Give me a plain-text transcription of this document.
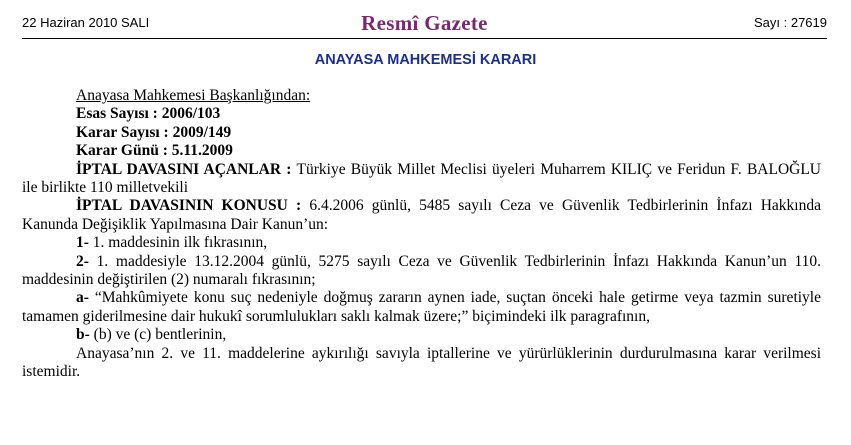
22 Haziran 2010 SALI	Resmî Gazete	Sayı : 27619
ANAYASA MAHKEMESİ KARARI

Anayasa Mahkemesi Başkanlığından:

Esas Sayısı : 2006/103

Karar Sayısı : 2009/149

Karar Günü : 5.11.2009

İPTAL DAVASINI AÇANLAR : Türkiye Büyük Millet Meclisi üyeleri Muharrem KILIÇ ve Feridun F. BALOĞLU ile birlikte 110 milletvekili

İPTAL DAVASININ KONUSU : 6.4.2006 günlü, 5485 sayılı Ceza ve Güvenlik Tedbirlerinin İnfazı Hakkında Kanunda Değişiklik Yapılmasına Dair Kanun’un:

1- 1. maddesinin ilk fıkrasının,

2- 1. maddesiyle 13.12.2004 günlü, 5275 sayılı Ceza ve Güvenlik Tedbirlerinin İnfazı Hakkında Kanun’un 110. maddesinin değiştirilen (2) numaralı fıkrasının;

a- “Mahkûmiyete konu suç nedeniyle doğmuş zararın aynen iade, suçtan önceki hale getirme veya tazmin suretiyle tamamen giderilmesine dair hukukî sorumlulukları saklı kalmak üzere;” biçimindeki ilk paragrafının,

b- (b) ve (c) bentlerinin,

Anayasa’nın 2. ve 11. maddelerine aykırılığı savıyla iptallerine ve yürürlüklerinin durdurulmasına karar verilmesi istemidir.
